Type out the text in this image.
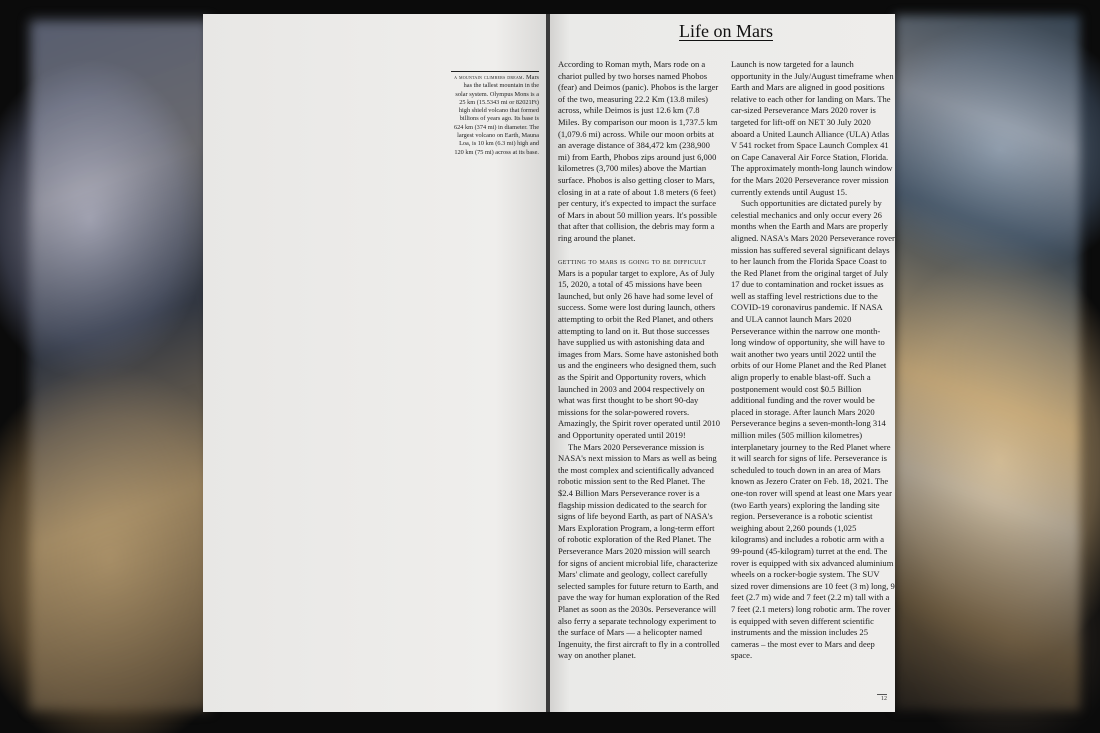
Life on Mars
a mountain climbers dream. Mars has the tallest mountain in the solar system. Olympus Mons is a 25 km (15.5343 mi or 82021Ft) high shield volcano that formed billions of years ago. Its base is 624 km (374 mi) in diameter. The largest volcano on Earth, Mauna Loa, is 10 km (6.3 mi) high and 120 km (75 mi) across at its base.

According to Roman myth, Mars rode on a chariot pulled by two horses named Phobos (fear) and Deimos (panic). Phobos is the larger of the two, measuring 22.2 Km (13.8 miles) across, while Deimos is just 12.6 km (7.8 Miles. By comparison our moon is 1,737.5 km (1,079.6 mi) across. While our moon orbits at an average distance of 384,472 km (238,900 mi) from Earth, Phobos zips around just 6,000 kilometres (3,700 miles) above the Martian surface. Phobos is also getting closer to Mars, closing in at a rate of about 1.8 meters (6 feet) per century, it's expected to impact the surface of Mars in about 50 million years. It's possible that after that collision, the debris may form a ring around the planet.

getting to mars is going to be difficult
Mars is a popular target to explore, As of July 15, 2020, a total of 45 missions have been launched, but only 26 have had some level of success. Some were lost during launch, others attempting to orbit the Red Planet, and others attempting to land on it. But those successes have supplied us with astonishing data and images from Mars. Some have astonished both us and the engineers who designed them, such as the Spirit and Opportunity rovers, which launched in 2003 and 2004 respectively on what was first thought to be short 90-day missions for the solar-powered rovers. Amazingly, the Spirit rover operated until 2010 and Opportunity operated until 2019!

The Mars 2020 Perseverance mission is NASA's next mission to Mars as well as being the most complex and scientifically advanced robotic mission sent to the Red Planet. The $2.4 Billion Mars Perseverance rover is a flagship mission dedicated to the search for signs of life beyond Earth, as part of NASA's Mars Exploration Program, a long-term effort of robotic exploration of the Red Planet. The Perseverance Mars 2020 mission will search for signs of ancient microbial life, characterize Mars' climate and geology, collect carefully selected samples for future return to Earth, and pave the way for human exploration of the Red Planet as soon as the 2030s. Perseverance will also ferry a separate technology experiment to the surface of Mars — a helicopter named Ingenuity, the first aircraft to fly in a controlled way on another planet.

Launch is now targeted for a launch opportunity in the July/August timeframe when Earth and Mars are aligned in good positions relative to each other for landing on Mars. The car-sized Perseverance Mars 2020 rover is targeted for lift-off on NET 30 July 2020 aboard a United Launch Alliance (ULA) Atlas V 541 rocket from Space Launch Complex 41 on Cape Canaveral Air Force Station, Florida. The approximately month-long launch window for the Mars 2020 Perseverance rover mission currently extends until August 15.

Such opportunities are dictated purely by celestial mechanics and only occur every 26 months when the Earth and Mars are properly aligned. NASA's Mars 2020 Perseverance rover mission has suffered several significant delays to her launch from the Florida Space Coast to the Red Planet from the original target of July 17 due to contamination and rocket issues as well as staffing level restrictions due to the COVID-19 coronavirus pandemic. If NASA and ULA cannot launch Mars 2020 Perseverance within the narrow one month-long window of opportunity, she will have to wait another two years until 2022 until the orbits of our Home Planet and the Red Planet align properly to enable blast-off. Such a postponement would cost $0.5 Billion additional funding and the rover would be placed in storage. After launch Mars 2020 Perseverance begins a seven-month-long 314 million miles (505 million kilometres) interplanetary journey to the Red Planet where it will search for signs of life. Perseverance is scheduled to touch down in an area of Mars known as Jezero Crater on Feb. 18, 2021. The one-ton rover will spend at least one Mars year (two Earth years) exploring the landing site region. Perseverance is a robotic scientist weighing about 2,260 pounds (1,025 kilograms) and includes a robotic arm with a 99-pound (45-kilogram) turret at the end. The rover is equipped with six advanced aluminium wheels on a rocker-bogie system. The SUV sized rover dimensions are 10 feet (3 m) long, 9 feet (2.7 m) wide and 7 feet (2.2 m) tall with a 7 feet (2.1 meters) long robotic arm. The rover is equipped with seven different scientific instruments and the mission includes 25 cameras – the most ever to Mars and deep space.

12
